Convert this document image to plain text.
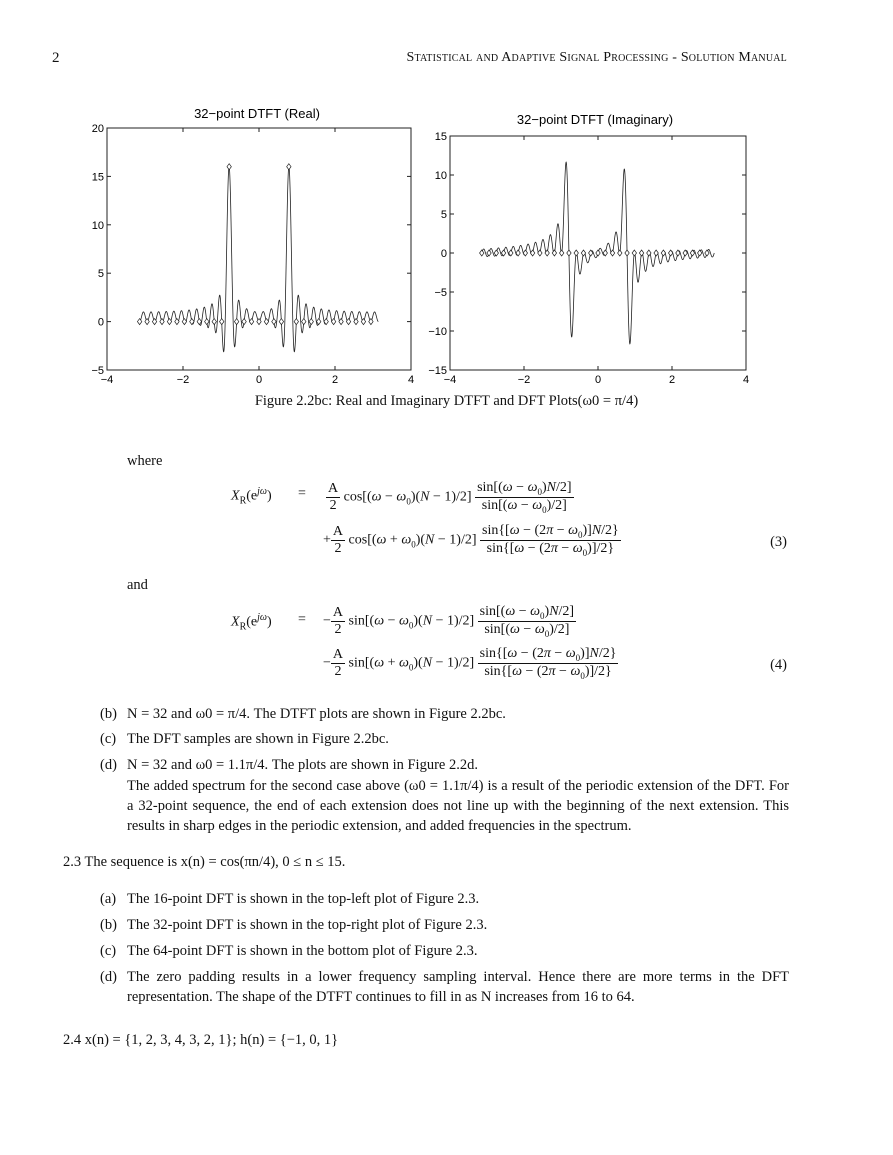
2	Statistical and Adaptive Signal Processing - Solution Manual
32−point DTFT (Real)
−4	−2	0	2	4
−5
0
5
10
15
20
32−point DTFT (Imaginary)
−4	−2	0	2	4
−15
−10
−5
0
5
10
15
Figure 2.2bc: Real and Imaginary DTFT and DFT Plots(ω0 = π/4)
where
$X_R(e^{j\omega}) = \frac{A}{2} \cos[(\omega - \omega_0)(N - 1)/2] \frac{\sin[(\omega - \omega_0)N/2]}{\sin[(\omega - \omega_0)/2]}$
+ $\frac{A}{2} \cos[(\omega + \omega_0)(N - 1)/2] \frac{\sin\{[\omega - (2\pi - \omega_0)]N/2\}}{\sin\{[\omega - (2\pi - \omega_0)]/2\}}$	(3)
and
$X_R(e^{j\omega})$ = − $\frac{A}{2} \sin[(\omega - \omega_0)(N - 1)/2] \frac{\sin[(\omega - \omega_0)N/2]}{\sin[(\omega - \omega_0)/2]}$
− $\frac{A}{2} \sin[(\omega + \omega_0)(N - 1)/2] \frac{\sin\{[\omega - (2\pi - \omega_0)]N/2\}}{\sin\{[\omega - (2\pi - \omega_0)]/2\}}$	(4)
(b) N = 32 and ω0 = π/4. The DTFT plots are shown in Figure 2.2bc.
(c) The DFT samples are shown in Figure 2.2bc.
(d) N = 32 and ω0 = 1.1π/4. The plots are shown in Figure 2.2d.
The added spectrum for the second case above (ω0 = 1.1π/4) is a result of the periodic extension of the DFT. For a 32-point sequence, the end of each extension does not line up with the beginning of the next extension. This results in sharp edges in the periodic extension, and added frequencies in the spectrum.
2.3 The sequence is x(n) = cos(πn/4), 0 ≤ n ≤ 15.
(a) The 16-point DFT is shown in the top-left plot of Figure 2.3.
(b) The 32-point DFT is shown in the top-right plot of Figure 2.3.
(c) The 64-point DFT is shown in the bottom plot of Figure 2.3.
(d) The zero padding results in a lower frequency sampling interval. Hence there are more terms in the DFT representation. The shape of the DTFT continues to fill in as N increases from 16 to 64.
2.4 x(n) = {1, 2, 3, 4, 3, 2, 1}; h(n) = {−1, 0, 1}
